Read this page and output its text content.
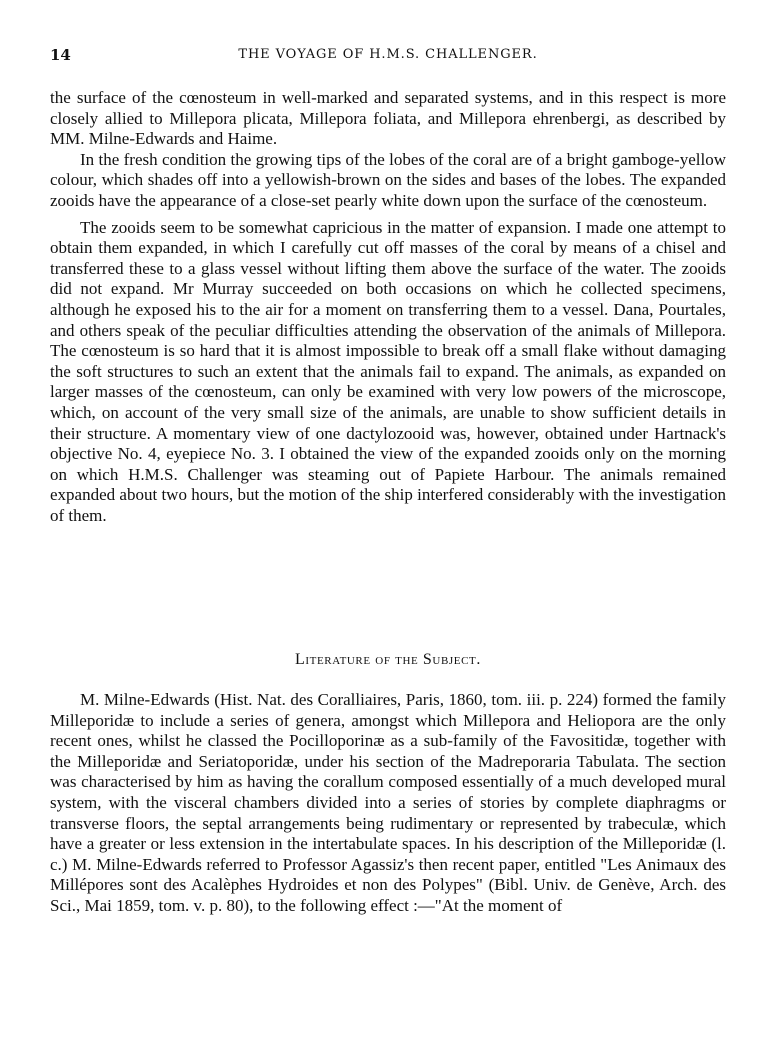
14	THE VOYAGE OF H.M.S. CHALLENGER.

the surface of the cœnosteum in well-marked and separated systems, and in this respect is more closely allied to Millepora plicata, Millepora foliata, and Millepora ehrenbergi, as described by MM. Milne-Edwards and Haime.

In the fresh condition the growing tips of the lobes of the coral are of a bright gamboge-yellow colour, which shades off into a yellowish-brown on the sides and bases of the lobes. The expanded zooids have the appearance of a close-set pearly white down upon the surface of the cœnosteum.

The zooids seem to be somewhat capricious in the matter of expansion. I made one attempt to obtain them expanded, in which I carefully cut off masses of the coral by means of a chisel and transferred these to a glass vessel without lifting them above the surface of the water. The zooids did not expand. Mr Murray succeeded on both occasions on which he collected specimens, although he exposed his to the air for a moment on transferring them to a vessel. Dana, Pourtales, and others speak of the peculiar difficulties attending the observation of the animals of Millepora. The cœnosteum is so hard that it is almost impossible to break off a small flake without damaging the soft structures to such an extent that the animals fail to expand. The animals, as expanded on larger masses of the cœnosteum, can only be examined with very low powers of the microscope, which, on account of the very small size of the animals, are unable to show sufficient details in their structure. A momentary view of one dactylozooid was, however, obtained under Hartnack's objective No. 4, eyepiece No. 3. I obtained the view of the expanded zooids only on the morning on which H.M.S. Challenger was steaming out of Papiete Harbour. The animals remained expanded about two hours, but the motion of the ship interfered considerably with the investigation of them.

Literature of the Subject.

M. Milne-Edwards (Hist. Nat. des Coralliaires, Paris, 1860, tom. iii. p. 224) formed the family Milleporidæ to include a series of genera, amongst which Millepora and Heliopora are the only recent ones, whilst he classed the Pocilloporinæ as a sub-family of the Favositidæ, together with the Milleporidæ and Seriatoporidæ, under his section of the Madreporaria Tabulata. The section was characterised by him as having the corallum composed essentially of a much developed mural system, with the visceral chambers divided into a series of stories by complete diaphragms or transverse floors, the septal arrangements being rudimentary or represented by trabeculæ, which have a greater or less extension in the intertabulate spaces. In his description of the Milleporidæ (l. c.) M. Milne-Edwards referred to Professor Agassiz's then recent paper, entitled "Les Animaux des Millépores sont des Acalèphes Hydroides et non des Polypes" (Bibl. Univ. de Genève, Arch. des Sci., Mai 1859, tom. v. p. 80), to the following effect :—"At the moment of
